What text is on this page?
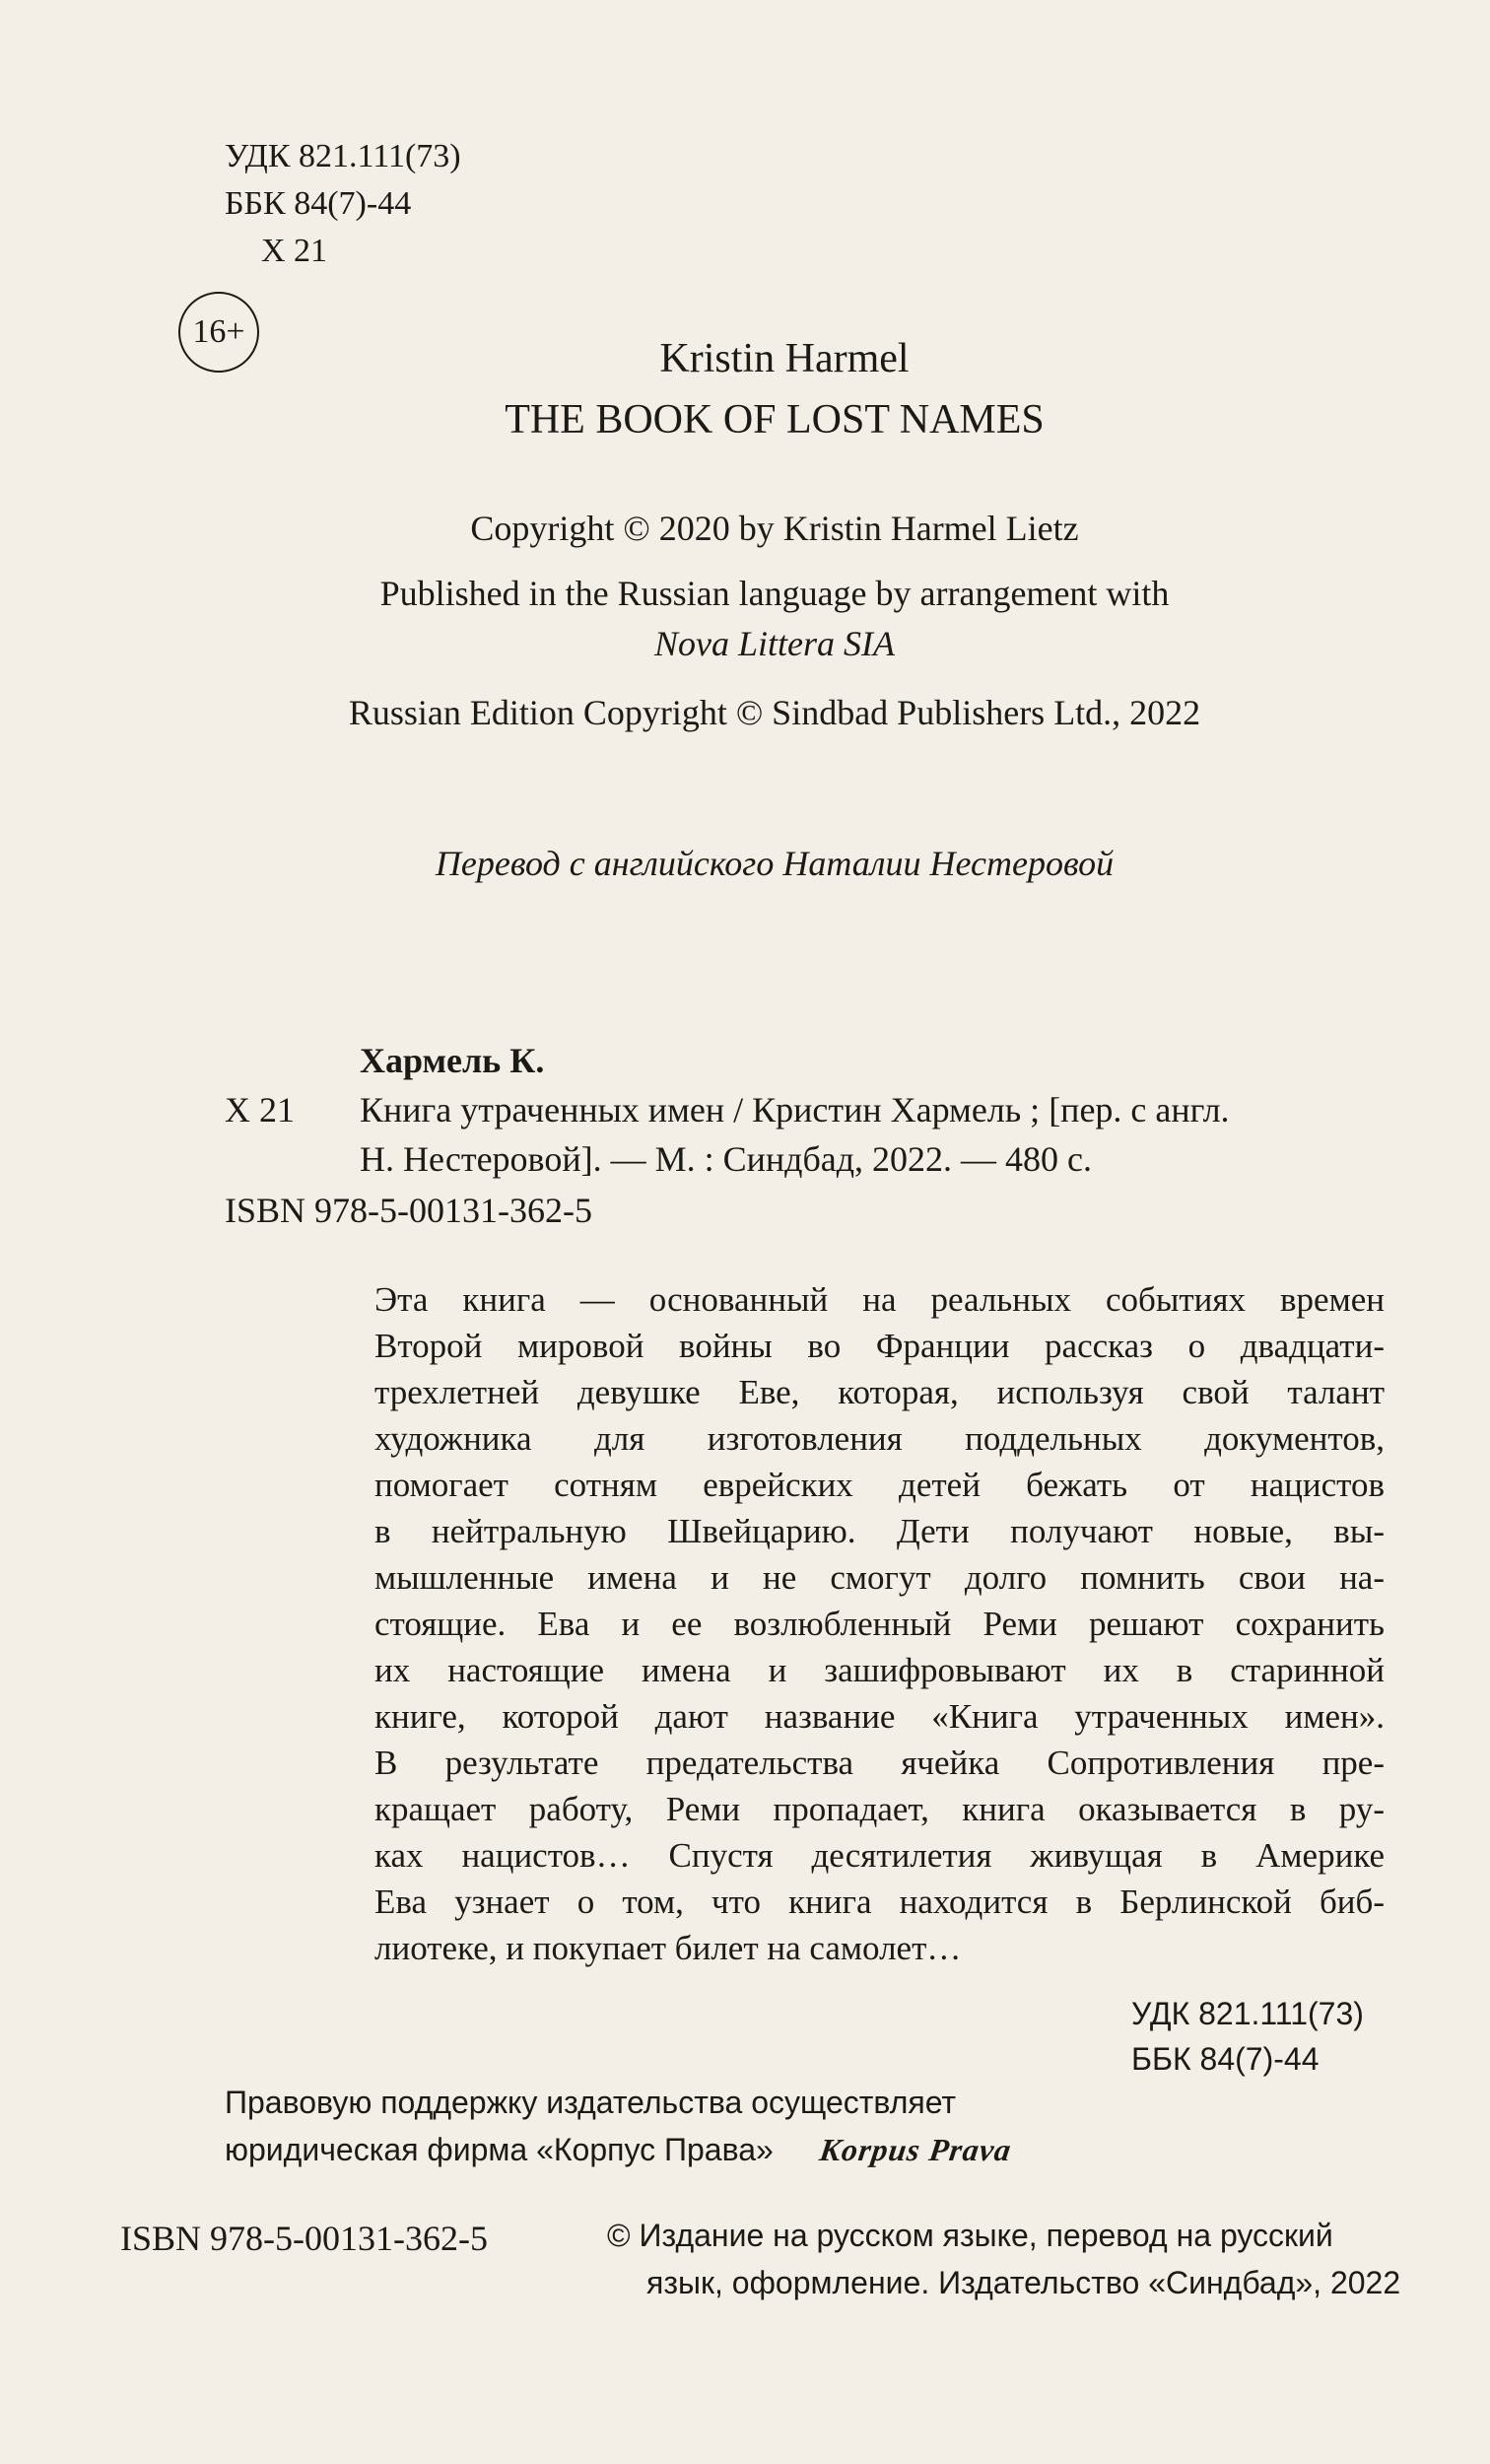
УДК 821.111(73)
ББК 84(7)-44
Х 21
16+
Kristin Harmel
THE BOOK OF LOST NAMES
Copyright © 2020 by Kristin Harmel Lietz
Published in the Russian language by arrangement with
Nova Littera SIA
Russian Edition Copyright © Sindbad Publishers Ltd., 2022
Перевод с английского Наталии Нестеровой
Хармель К.
Х 21 Книга утраченных имен / Кристин Хармель ; [пер. с англ.
Н. Нестеровой]. — М. : Синдбад, 2022. — 480 с.
ISBN 978-5-00131-362-5
Эта книга — основанный на реальных событиях времен
Второй мировой войны во Франции рассказ о двадцати-
трехлетней девушке Еве, которая, используя свой талант
художника для изготовления поддельных документов,
помогает сотням еврейских детей бежать от нацистов
в нейтральную Швейцарию. Дети получают новые, вы-
мышленные имена и не смогут долго помнить свои на-
стоящие. Ева и ее возлюбленный Реми решают сохранить
их настоящие имена и зашифровывают их в старинной
книге, которой дают название «Книга утраченных имен».
В результате предательства ячейка Сопротивления пре-
кращает работу, Реми пропадает, книга оказывается в ру-
ках нацистов… Спустя десятилетия живущая в Америке
Ева узнает о том, что книга находится в Берлинской биб-
лиотеке, и покупает билет на самолет…
УДК 821.111(73)
ББК 84(7)-44
Правовую поддержку издательства осуществляет
юридическая фирма «Корпус Права» Korpus Prava
ISBN 978-5-00131-362-5	© Издание на русском языке, перевод на русский
язык, оформление. Издательство «Синдбад», 2022
